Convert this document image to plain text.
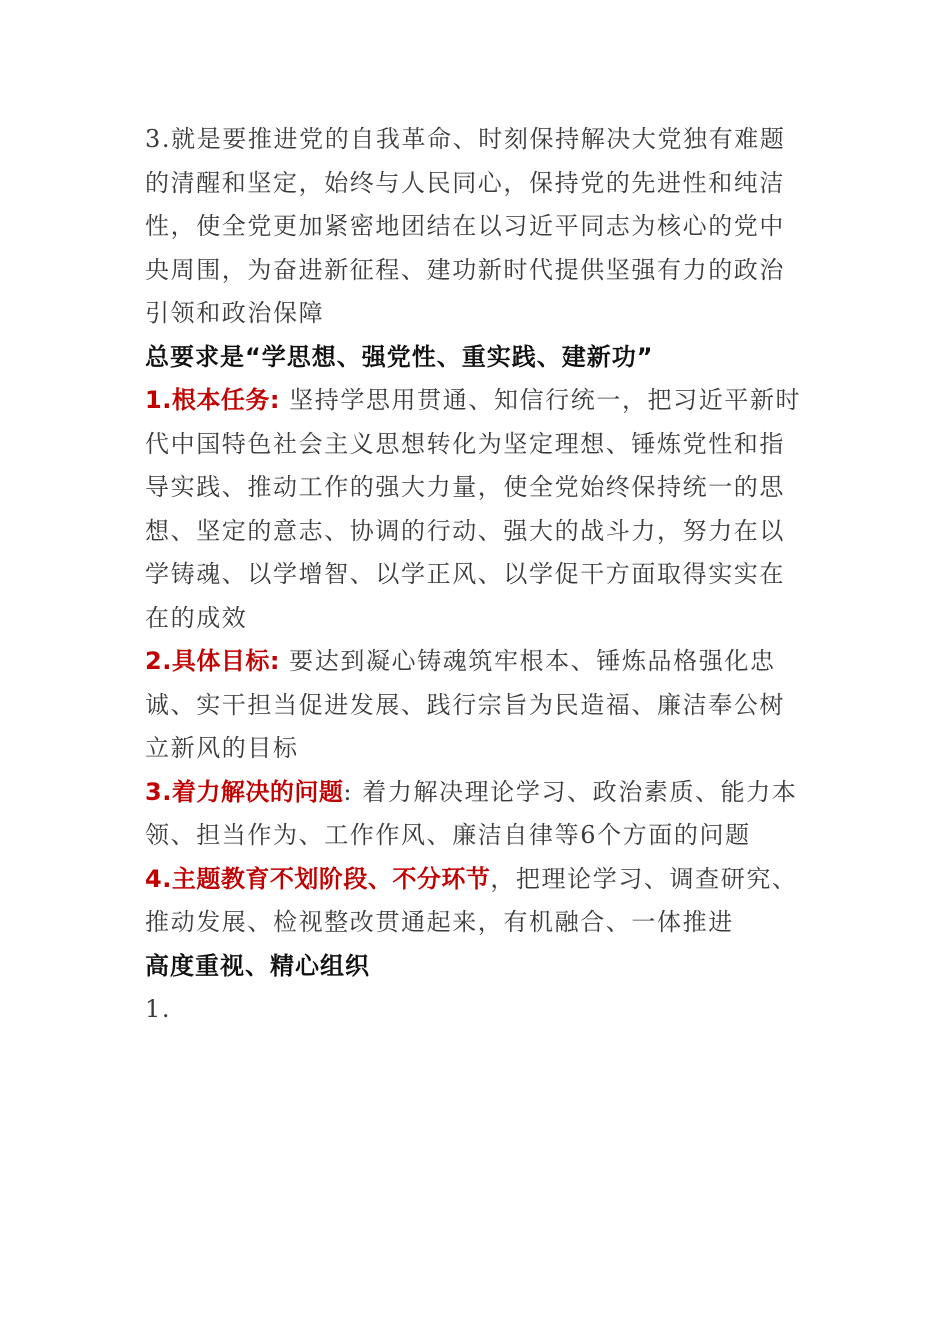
3.就是要推进党的自我革命、时刻保持解决大党独有难题的清醒和坚定，始终与人民同心，保持党的先进性和纯洁性，使全党更加紧密地团结在以习近平同志为核心的党中央周围，为奋进新征程、建功新时代提供坚强有力的政治引领和政治保障

总要求是“学思想、强党性、重实践、建新功”

1.根本任务: 坚持学思用贯通、知信行统一，把习近平新时代中国特色社会主义思想转化为坚定理想、锤炼党性和指导实践、推动工作的强大力量，使全党始终保持统一的思想、坚定的意志、协调的行动、强大的战斗力，努力在以学铸魂、以学增智、以学正风、以学促干方面取得实实在在的成效

2.具体目标: 要达到凝心铸魂筑牢根本、锤炼品格强化忠诚、实干担当促进发展、践行宗旨为民造福、廉洁奉公树立新风的目标

3.着力解决的问题: 着力解决理论学习、政治素质、能力本领、担当作为、工作作风、廉洁自律等6个方面的问题

4.主题教育不划阶段、不分环节，把理论学习、调查研究、推动发展、检视整改贯通起来，有机融合、一体推进

高度重视、精心组织

1.
